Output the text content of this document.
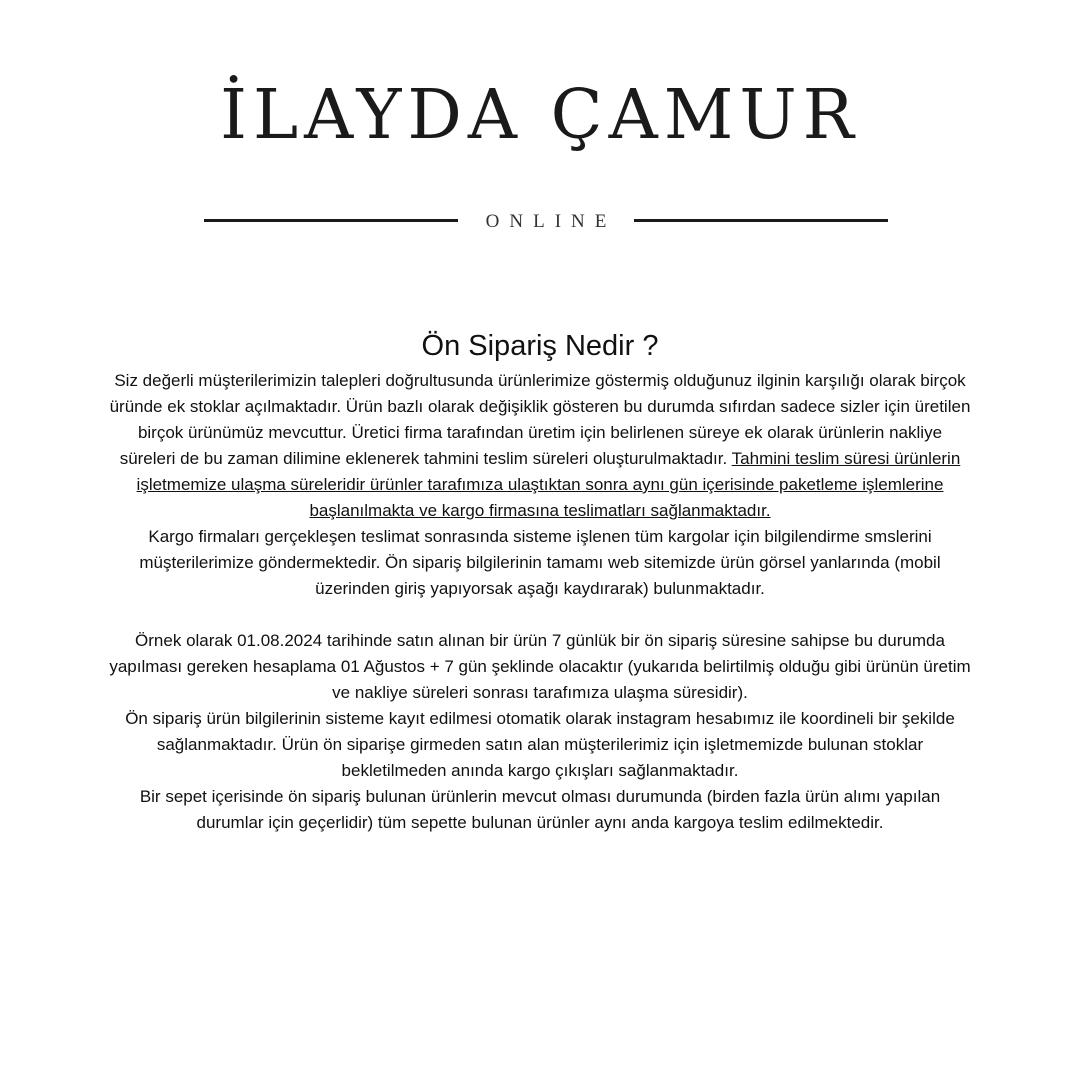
İLAYDA ÇAMUR
ONLINE
Ön Sipariş Nedir ?

Siz değerli müşterilerimizin talepleri doğrultusunda ürünlerimize göstermiş olduğunuz ilginin karşılığı olarak birçok üründe ek stoklar açılmaktadır. Ürün bazlı olarak değişiklik gösteren bu durumda sıfırdan sadece sizler için üretilen birçok ürünümüz mevcuttur. Üretici firma tarafından üretim için belirlenen süreye ek olarak ürünlerin nakliye süreleri de bu zaman dilimine eklenerek tahmini teslim süreleri oluşturulmaktadır. Tahmini teslim süresi ürünlerin işletmemize ulaşma süreleridir ürünler tarafımıza ulaştıktan sonra aynı gün içerisinde paketleme işlemlerine başlanılmakta ve kargo firmasına teslimatları sağlanmaktadır.

Kargo firmaları gerçekleşen teslimat sonrasında sisteme işlenen tüm kargolar için bilgilendirme smslerini müşterilerimize göndermektedir. Ön sipariş bilgilerinin tamamı web sitemizde ürün görsel yanlarında (mobil üzerinden giriş yapıyorsak aşağı kaydırarak) bulunmaktadır.

Örnek olarak 01.08.2024 tarihinde satın alınan bir ürün 7 günlük bir ön sipariş süresine sahipse bu durumda yapılması gereken hesaplama 01 Ağustos + 7 gün şeklinde olacaktır (yukarıda belirtilmiş olduğu gibi ürünün üretim ve nakliye süreleri sonrası tarafımıza ulaşma süresidir).

Ön sipariş ürün bilgilerinin sisteme kayıt edilmesi otomatik olarak instagram hesabımız ile koordineli bir şekilde sağlanmaktadır. Ürün ön siparişe girmeden satın alan müşterilerimiz için işletmemizde bulunan stoklar bekletilmeden anında kargo çıkışları sağlanmaktadır.

Bir sepet içerisinde ön sipariş bulunan ürünlerin mevcut olması durumunda (birden fazla ürün alımı yapılan durumlar için geçerlidir) tüm sepette bulunan ürünler aynı anda kargoya teslim edilmektedir.
